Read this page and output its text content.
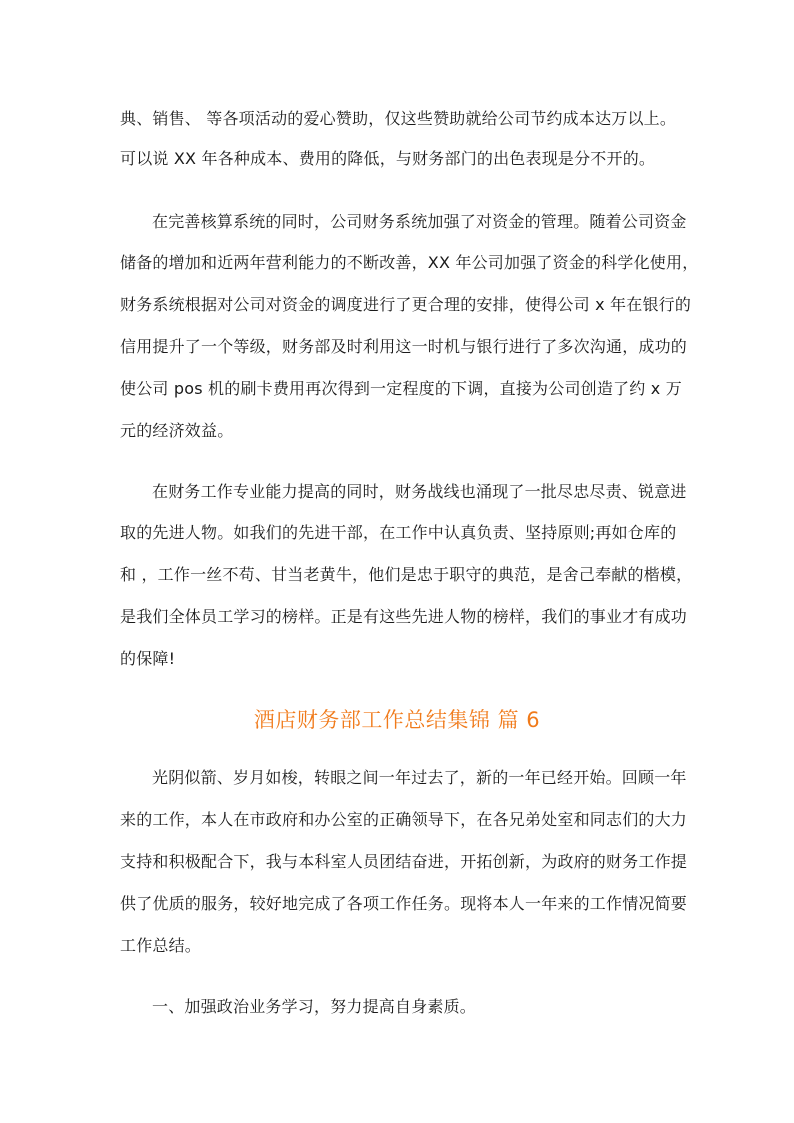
典、销售、 等各项活动的爱心赞助，仅这些赞助就给公司节约成本达万以上。
可以说 XX 年各种成本、费用的降低，与财务部门的出色表现是分不开的。
在完善核算系统的同时，公司财务系统加强了对资金的管理。随着公司资金
储备的增加和近两年营利能力的不断改善，XX 年公司加强了资金的科学化使用，
财务系统根据对公司对资金的调度进行了更合理的安排，使得公司 x 年在银行的
信用提升了一个等级，财务部及时利用这一时机与银行进行了多次沟通，成功的
使公司 pos 机的刷卡费用再次得到一定程度的下调，直接为公司创造了约 x 万
元的经济效益。
在财务工作专业能力提高的同时，财务战线也涌现了一批尽忠尽责、锐意进
取的先进人物。如我们的先进干部，在工作中认真负责、坚持原则;再如仓库的
和 ，工作一丝不苟、甘当老黄牛，他们是忠于职守的典范，是舍己奉献的楷模，
是我们全体员工学习的榜样。正是有这些先进人物的榜样，我们的事业才有成功
的保障!
酒店财务部工作总结集锦 篇 6
光阴似箭、岁月如梭，转眼之间一年过去了，新的一年已经开始。回顾一年
来的工作，本人在市政府和办公室的正确领导下，在各兄弟处室和同志们的大力
支持和积极配合下，我与本科室人员团结奋进，开拓创新，为政府的财务工作提
供了优质的服务，较好地完成了各项工作任务。现将本人一年来的工作情况简要
工作总结。
一、加强政治业务学习，努力提高自身素质。
